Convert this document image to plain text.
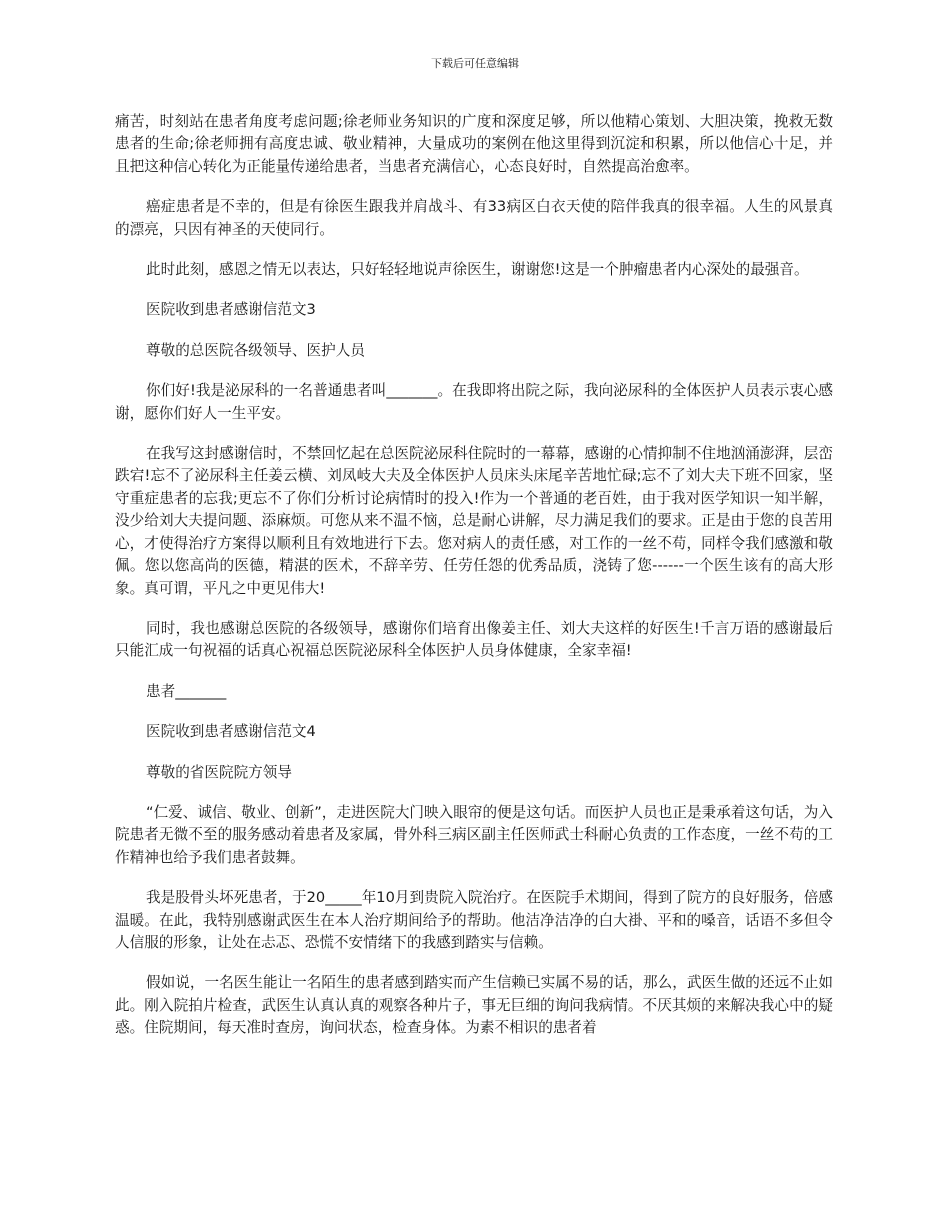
下载后可任意编辑

痛苦，时刻站在患者角度考虑问题;徐老师业务知识的广度和深度足够，所以他精心策划、大胆决策，挽救无数患者的生命;徐老师拥有高度忠诚、敬业精神，大量成功的案例在他这里得到沉淀和积累，所以他信心十足，并且把这种信心转化为正能量传递给患者，当患者充满信心，心态良好时，自然提高治愈率。

癌症患者是不幸的，但是有徐医生跟我并肩战斗、有33病区白衣天使的陪伴我真的很幸福。人生的风景真的漂亮，只因有神圣的天使同行。

此时此刻，感恩之情无以表达，只好轻轻地说声徐医生，谢谢您!这是一个肿瘤患者内心深处的最强音。

医院收到患者感谢信范文3

尊敬的总医院各级领导、医护人员

你们好!我是泌尿科的一名普通患者叫_______。在我即将出院之际，我向泌尿科的全体医护人员表示衷心感谢，愿你们好人一生平安。

在我写这封感谢信时，不禁回忆起在总医院泌尿科住院时的一幕幕，感谢的心情抑制不住地汹涌澎湃，层峦跌宕!忘不了泌尿科主任姜云横、刘凤岐大夫及全体医护人员床头床尾辛苦地忙碌;忘不了刘大夫下班不回家，坚守重症患者的忘我;更忘不了你们分析讨论病情时的投入!作为一个普通的老百姓，由于我对医学知识一知半解，没少给刘大夫提问题、添麻烦。可您从来不温不恼，总是耐心讲解，尽力满足我们的要求。正是由于您的良苦用心，才使得治疗方案得以顺利且有效地进行下去。您对病人的责任感，对工作的一丝不苟，同样令我们感激和敬佩。您以您高尚的医德，精湛的医术，不辞辛劳、任劳任怨的优秀品质，浇铸了您------一个医生该有的高大形象。真可谓，平凡之中更见伟大!

同时，我也感谢总医院的各级领导，感谢你们培育出像姜主任、刘大夫这样的好医生!千言万语的感谢最后只能汇成一句祝福的话真心祝福总医院泌尿科全体医护人员身体健康，全家幸福!

患者_______

医院收到患者感谢信范文4

尊敬的省医院院方领导

“仁爱、诚信、敬业、创新”，走进医院大门映入眼帘的便是这句话。而医护人员也正是秉承着这句话，为入院患者无微不至的服务感动着患者及家属，骨外科三病区副主任医师武士科耐心负责的工作态度，一丝不苟的工作精神也给予我们患者鼓舞。

我是股骨头坏死患者，于20_____年10月到贵院入院治疗。在医院手术期间，得到了院方的良好服务，倍感温暖。在此，我特别感谢武医生在本人治疗期间给予的帮助。他洁净洁净的白大褂、平和的嗓音，话语不多但令人信服的形象，让处在忐忑、恐慌不安情绪下的我感到踏实与信赖。

假如说，一名医生能让一名陌生的患者感到踏实而产生信赖已实属不易的话，那么，武医生做的还远不止如此。刚入院拍片检查，武医生认真认真的观察各种片子，事无巨细的询问我病情。不厌其烦的来解决我心中的疑惑。住院期间，每天准时查房，询问状态，检查身体。为素不相识的患者着
